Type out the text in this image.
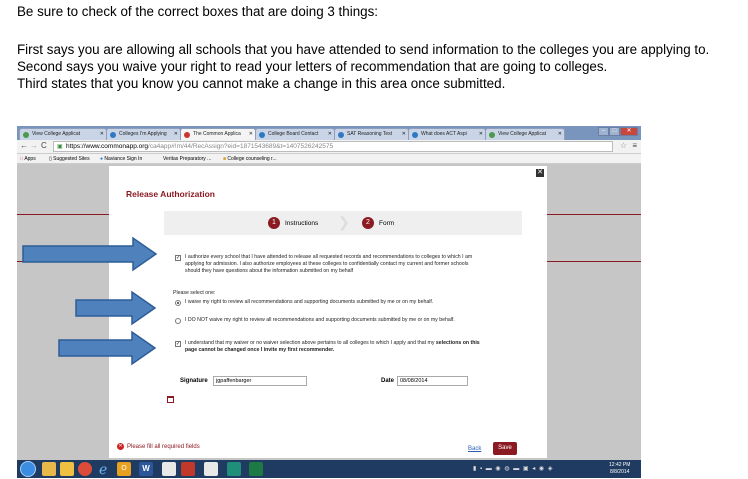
Be sure to check of the correct boxes that are doing 3 things:
First says you are allowing all schools that you have attended to send information to the colleges you are applying to.
Second says you waive your right to read your letters of recommendation that are going to colleges.
Third states that you know you cannot make a change in this area once submitted.
View College Applicat	✕	Colleges I'm Applying ✕	The Common Applica ✕	College Board Contact ✕	SAT Reasoning Test ✕	What does ACT Aspi ✕	View College Applicat ✕	–	□	✕
← → C ▣ https://www.commonapp.org/ca4app#!m/44/RecAssign?eid=1871543689&t=1407526242575	☆ ≡
⁝⁝ Apps	▯ Suggested Sites ● Naviance Sign In	Veritas Preparatory ... ■ College counseling r...
✕
Release Authorization
1	Instructions ❯	2	Form
✓ I authorize every school that I have attended to release all requested records and recommendations to colleges to which I am applying for admission. I also authorize employees at these colleges to confidentially contact my current and former schools should they have questions about the information submitted on my behalf
Please select one:
I waive my right to review all recommendations and supporting documents submitted by me or on my behalf.
I DO NOT waive my right to review all recommendations and supporting documents submitted by me or on my behalf.
✓ I understand that my waiver or no waiver selection above pertains to all colleges to which I apply and that my selections on this page cannot be changed once I invite my first recommender.
Signature	jgpaffenbarger	Date	08/08/2014
✕ Please fill all required fields	Back	Save
ℯ	O	W	▮ ▪ ▬ ◉ ◍ ▬ ▣ ◂ ◉ ◈
12:42 PM
8/8/2014
